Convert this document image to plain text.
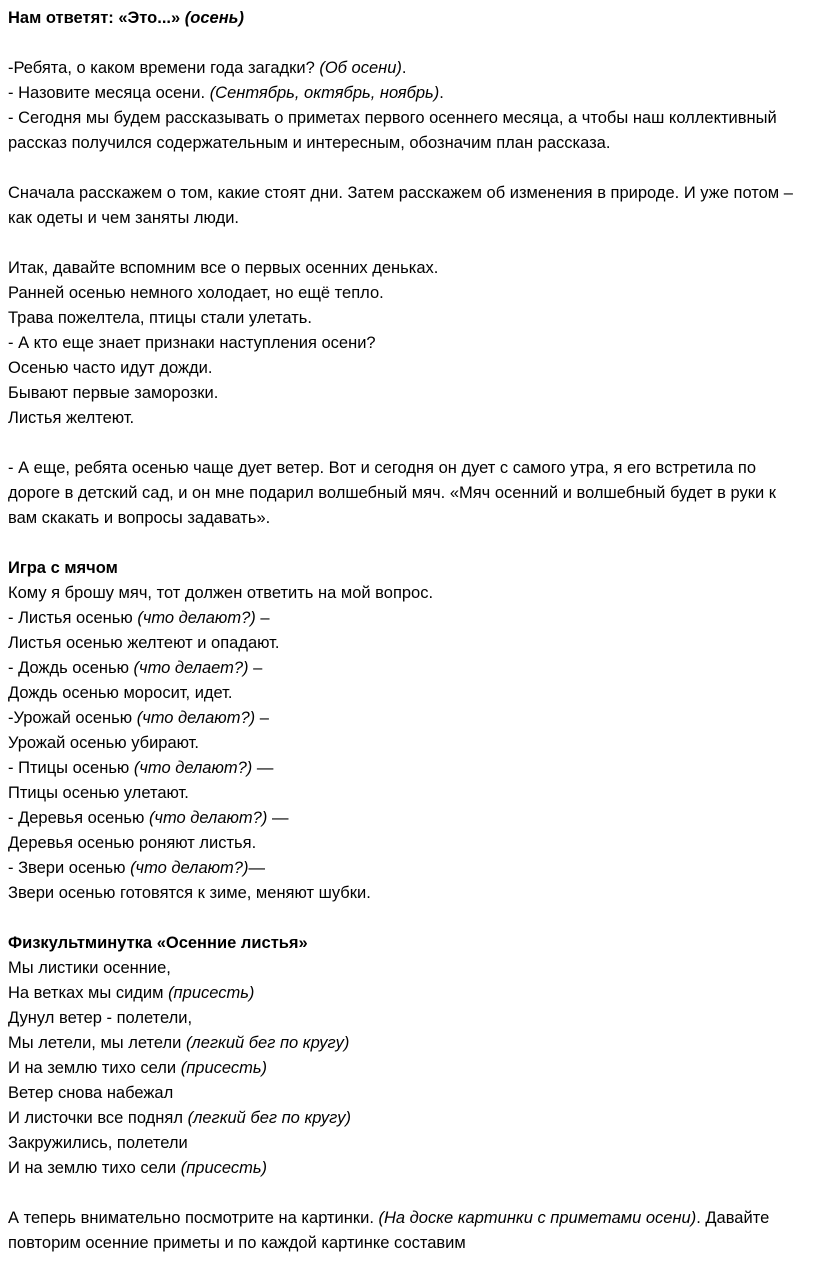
Нам ответят: «Это...» (осень)

-Ребята, о каком времени года загадки? (Об осени).

- Назовите месяца осени. (Сентябрь, октябрь, ноябрь).

- Сегодня мы будем рассказывать о приметах первого осеннего месяца, а чтобы наш коллективный рассказ получился содержательным и интересным, обозначим план рассказа.

Сначала расскажем о том, какие стоят дни. Затем расскажем об изменения в природе. И уже потом – как одеты и чем заняты люди.

Итак, давайте вспомним все о первых осенних деньках.

Ранней осенью немного холодает, но ещё тепло.

Трава пожелтела, птицы стали улетать.

- А кто еще знает признаки наступления осени?

Осенью часто идут дожди.

Бывают первые заморозки.

Листья желтеют.

- А еще, ребята осенью чаще дует ветер. Вот и сегодня он дует с самого утра, я его встретила по дороге в детский сад, и он мне подарил волшебный мяч. «Мяч осенний и волшебный будет в руки к вам скакать и вопросы задавать».

Игра с мячом

Кому я брошу мяч, тот должен ответить на мой вопрос.

- Листья осенью (что делают?) –

Листья осенью желтеют и опадают.

- Дождь осенью (что делает?) –

Дождь осенью моросит, идет.

-Урожай осенью (что делают?) –

Урожай осенью убирают.

- Птицы осенью (что делают?) —

Птицы осенью улетают.

- Деревья осенью (что делают?) —

Деревья осенью роняют листья.

- Звери осенью (что делают?)—

Звери осенью готовятся к зиме, меняют шубки.

Физкультминутка «Осенние листья»

Мы листики осенние,

На ветках мы сидим (присесть)

Дунул ветер - полетели,

Мы летели, мы летели (легкий бег по кругу)

И на землю тихо сели (присесть)

Ветер снова набежал

И листочки все поднял (легкий бег по кругу)

Закружились, полетели

И на землю тихо сели (присесть)

А теперь внимательно посмотрите на картинки. (На доске картинки с приметами осени). Давайте повторим осенние приметы и по каждой картинке составим
